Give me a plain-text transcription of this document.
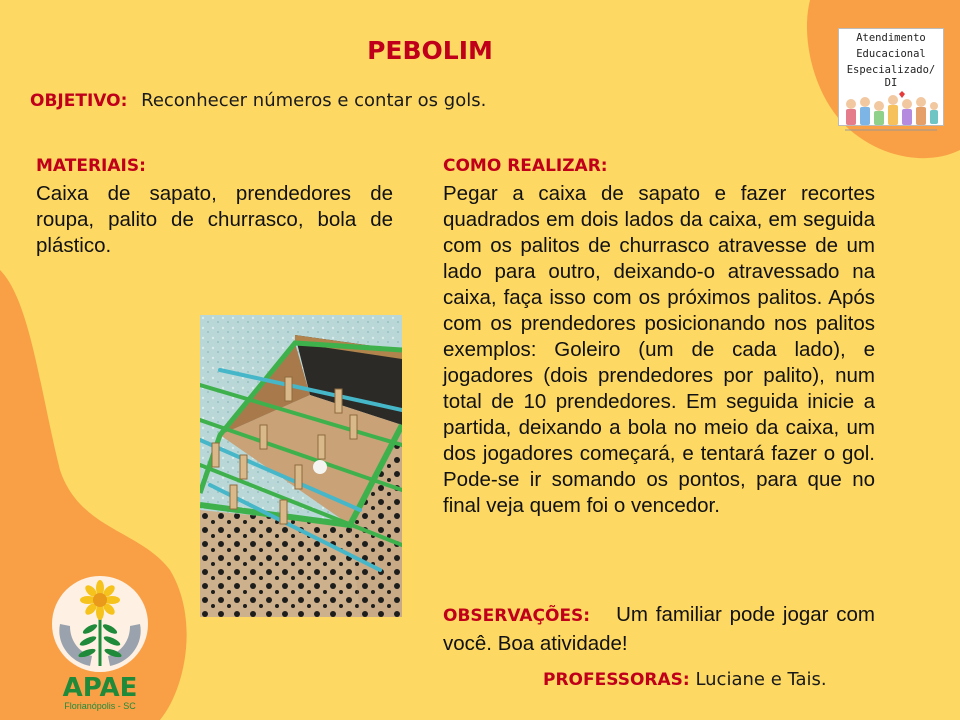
PEBOLIM
OBJETIVO: Reconhecer números e contar os gols.
MATERIAIS:
Caixa de sapato, prendedores de roupa, palito de churrasco, bola de plástico.
COMO REALIZAR:
Pegar a caixa de sapato e fazer recortes quadrados em dois lados da caixa, em seguida com os palitos de churrasco atravesse de um lado para outro, deixando-o atravessado na caixa, faça isso com os próximos palitos. Após com os prendedores posicionando nos palitos exemplos: Goleiro (um de cada lado), e jogadores (dois prendedores por palito), num total de 10 prendedores. Em seguida inicie a partida, deixando a bola no meio da caixa, um dos jogadores começará, e tentará fazer o gol. Pode-se ir somando os pontos, para que no final veja quem foi o vencedor.
OBSERVAÇÕES: Um familiar pode jogar com você. Boa atividade!
PROFESSORAS: Luciane e Tais.
Atendimento
Educacional
Especializado/ DI
APAE
Florianópolis - SC
